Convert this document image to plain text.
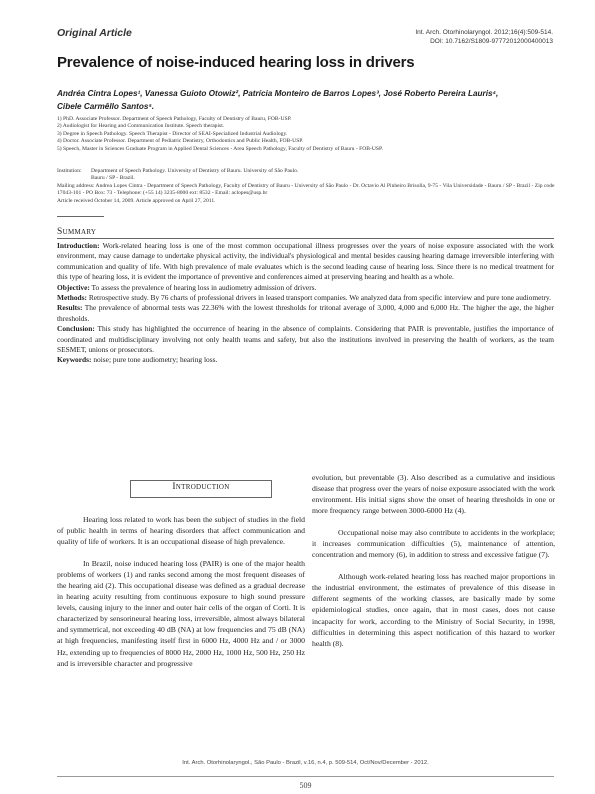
Original Article	Int. Arch. Otorhinolaryngol. 2012;16(4):509-514.
DOI: 10.7162/S1809-97772012000400013
Prevalence of noise-induced hearing loss in drivers
Andréa Cintra Lopes¹, Vanessa Guioto Otowiz², Patrícia Monteiro de Barros Lopes³, José Roberto Pereira Lauris⁴,
Cibele Carmêllo Santos⁵.
1) PhD. Associate Professor. Department of Speech Pathology, Faculty of Dentistry of Bauru, FOB-USP.
2) Audiologist for Hearing and Communication Institute. Speech therapist.
3) Degree in Speech Pathology. Speech Therapist - Director of SEAI-Specialized Industrial Audiology.
4) Doctor. Associate Professor. Department of Pediatric Dentistry, Orthodontics and Public Health, FOB-USP.
5) Speech, Master in Sciences Graduate Program in Applied Dental Sciences - Area Speech Pathology, Faculty of Dentistry of Bauru - FOB-USP.
Institution:	Department of Speech Pathology. University of Dentistry of Bauru. University of São Paulo.
Bauru / SP - Brazil.
Mailing address: Andrea Lopes Cintra - Department of Speech Pathology, Faculty of Dentistry of Bauru - University of São Paulo - Dr. Octavio Al Pinheiro Brisolla, 9-75 - Vila Universidade - Bauru / SP - Brazil - Zip code 17043-101 - PO Box: 73 - Telephone: (+55 14) 3235-8000 ext: 8532 - Email: aclopes@usp.br
Article received October 14, 2009. Article approved on April 27, 2011.
Summary

Introduction: Work-related hearing loss is one of the most common occupational illness progresses over the years of noise exposure associated with the work environment, may cause damage to undertake physical activity, the individual's physiological and mental besides causing hearing damage irreversible interfering with communication and quality of life. With high prevalence of male evaluates which is the second leading cause of hearing loss. Since there is no medical treatment for this type of hearing loss, it is evident the importance of preventive and conferences aimed at preserving hearing and health as a whole.

Objective: To assess the prevalence of hearing loss in audiometry admission of drivers.

Methods: Retrospective study. By 76 charts of professional drivers in leased transport companies. We analyzed data from specific interview and pure tone audiometry.

Results: The prevalence of abnormal tests was 22.36% with the lowest thresholds for tritonal average of 3,000, 4,000 and 6,000 Hz. The higher the age, the higher thresholds.

Conclusion: This study has highlighted the occurrence of hearing in the absence of complaints. Considering that PAIR is preventable, justifies the importance of coordinated and multidisciplinary involving not only health teams and safety, but also the institutions involved in preserving the health of workers, as the team SESMET, unions or prosecutors.

Keywords: noise; pure tone audiometry; hearing loss.

Introduction

Hearing loss related to work has been the subject of studies in the field of public health in terms of hearing disorders that affect communication and quality of life of workers. It is an occupational disease of high prevalence.

In Brazil, noise induced hearing loss (PAIR) is one of the major health problems of workers (1) and ranks second among the most frequent diseases of the hearing aid (2). This occupational disease was defined as a gradual decrease in hearing acuity resulting from continuous exposure to high sound pressure levels, causing injury to the inner and outer hair cells of the organ of Corti. It is characterized by sensorineural hearing loss, irreversible, almost always bilateral and symmetrical, not exceeding 40 dB (NA) at low frequencies and 75 dB (NA) at high frequencies, manifesting itself first in 6000 Hz, 4000 Hz and / or 3000 Hz, extending up to frequencies of 8000 Hz, 2000 Hz, 1000 Hz, 500 Hz, 250 Hz and is irreversible character and progressive

evolution, but preventable (3). Also described as a cumulative and insidious disease that progress over the years of noise exposure associated with the work environment. His initial signs show the onset of hearing thresholds in one or more frequency range between 3000-6000 Hz (4).

Occupational noise may also contribute to accidents in the workplace; it increases communication difficulties (5), maintenance of attention, concentration and memory (6), in addition to stress and excessive fatigue (7).

Although work-related hearing loss has reached major proportions in the industrial environment, the estimates of prevalence of this disease in different segments of the working classes, are basically made by some epidemiological studies, once again, that in most cases, does not cause incapacity for work, according to the Ministry of Social Security, in 1998, difficulties in determining this aspect notification of this hazard to worker health (8).

Int. Arch. Otorhinolaryngol., São Paulo - Brazil, v.16, n.4, p. 509-514, Oct/Nov/December - 2012.
509
